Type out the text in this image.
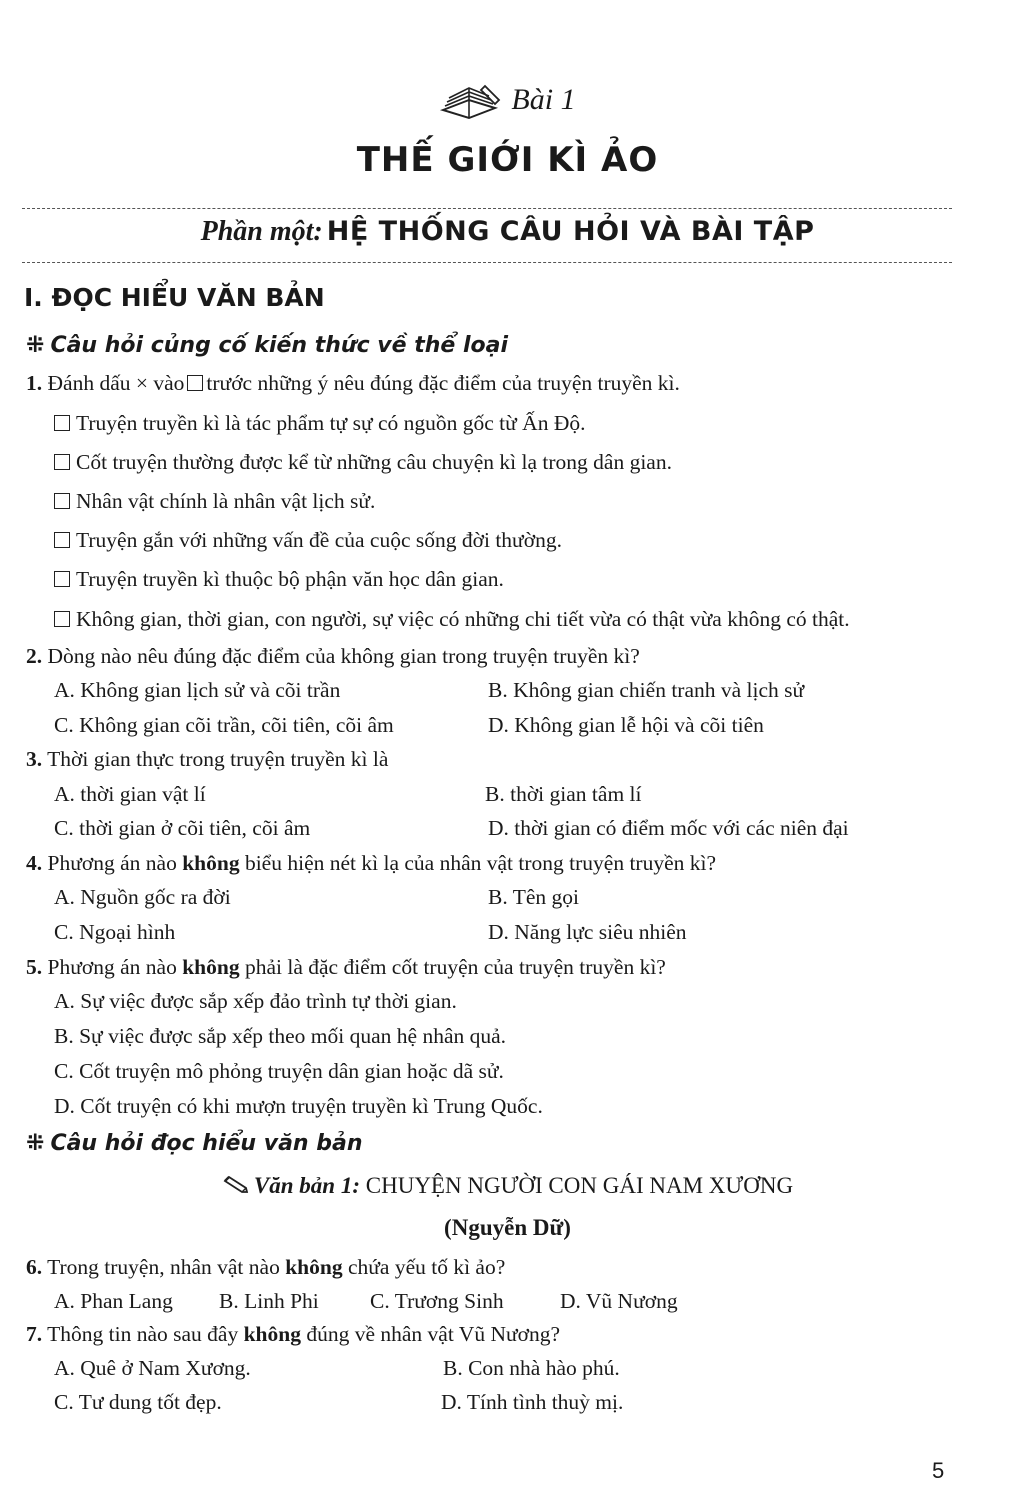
Bài 1
THẾ GIỚI KÌ ẢO
Phần một: HỆ THỐNG CÂU HỎI VÀ BÀI TẬP
I. ĐỌC HIỂU VĂN BẢN
⁜ Câu hỏi củng cố kiến thức về thể loại
1. Đánh dấu × vào trước những ý nêu đúng đặc điểm của truyện truyền kì.
Truyện truyền kì là tác phẩm tự sự có nguồn gốc từ Ấn Độ.
Cốt truyện thường được kể từ những câu chuyện kì lạ trong dân gian.
Nhân vật chính là nhân vật lịch sử.
Truyện gắn với những vấn đề của cuộc sống đời thường.
Truyện truyền kì thuộc bộ phận văn học dân gian.
Không gian, thời gian, con người, sự việc có những chi tiết vừa có thật vừa không có thật.
2. Dòng nào nêu đúng đặc điểm của không gian trong truyện truyền kì?
A. Không gian lịch sử và cõi trần	B. Không gian chiến tranh và lịch sử
C. Không gian cõi trần, cõi tiên, cõi âm	D. Không gian lễ hội và cõi tiên
3. Thời gian thực trong truyện truyền kì là
A. thời gian vật lí	B. thời gian tâm lí
C. thời gian ở cõi tiên, cõi âm	D. thời gian có điểm mốc với các niên đại
4. Phương án nào không biểu hiện nét kì lạ của nhân vật trong truyện truyền kì?
A. Nguồn gốc ra đời	B. Tên gọi
C. Ngoại hình	D. Năng lực siêu nhiên
5. Phương án nào không phải là đặc điểm cốt truyện của truyện truyền kì?
A. Sự việc được sắp xếp đảo trình tự thời gian.
B. Sự việc được sắp xếp theo mối quan hệ nhân quả.
C. Cốt truyện mô phỏng truyện dân gian hoặc dã sử.
D. Cốt truyện có khi mượn truyện truyền kì Trung Quốc.
⁜ Câu hỏi đọc hiểu văn bản
Văn bản 1: CHUYỆN NGƯỜI CON GÁI NAM XƯƠNG
(Nguyễn Dữ)
6. Trong truyện, nhân vật nào không chứa yếu tố kì ảo?
A. Phan Lang B. Linh Phi C. Trương Sinh	D. Vũ Nương
7. Thông tin nào sau đây không đúng về nhân vật Vũ Nương?
A. Quê ở Nam Xương.	B. Con nhà hào phú.
C. Tư dung tốt đẹp.	D. Tính tình thuỳ mị.
5
